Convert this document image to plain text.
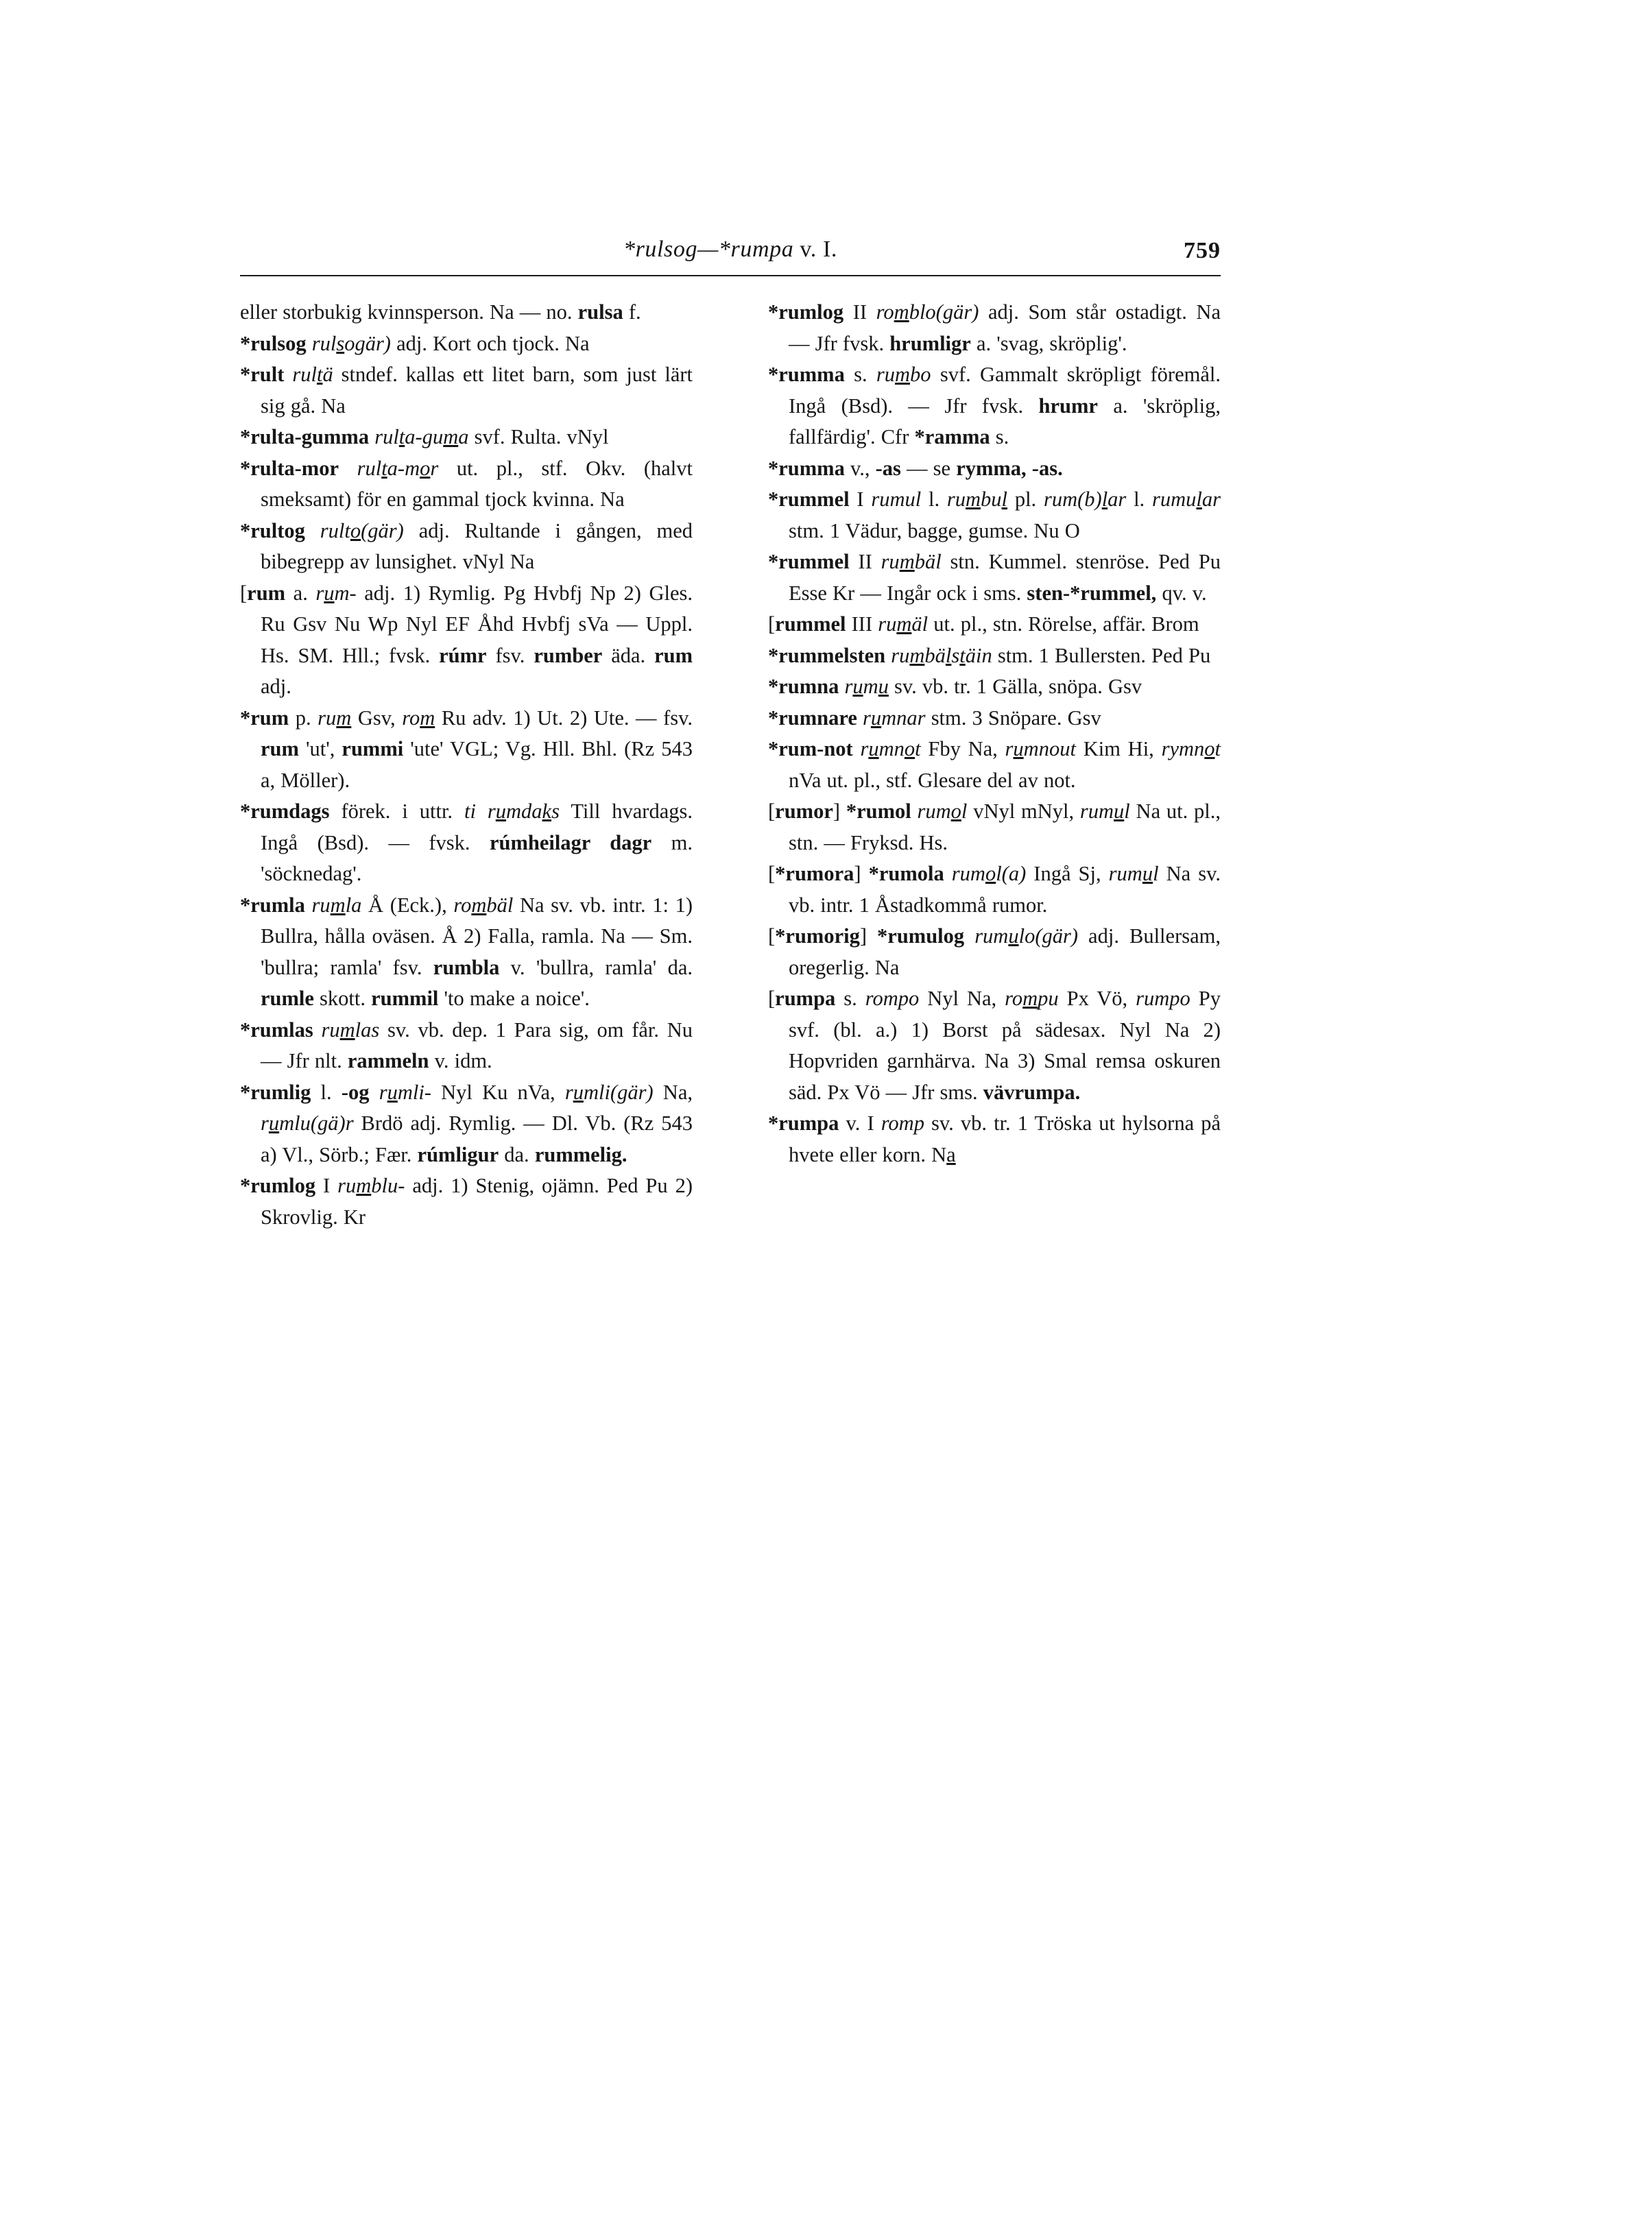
*rulsog—*rumpa v. I.	759

eller storbukig kvinnsperson. Na — no. rulsa f.

*rulsog rulsogär) adj. Kort och tjock. Na

*rult rultä stndef. kallas ett litet barn, som just lärt sig gå. Na

*rulta-gumma rulta-guma svf. Rulta. vNyl

*rulta-mor rulta-mor ut. pl., stf. Okv. (halvt smeksamt) för en gammal tjock kvinna. Na

*rultog rulto(gär) adj. Rultande i gången, med bibegrepp av lunsighet. vNyl Na

[rum a. rum- adj. 1) Rymlig. Pg Hvbfj Np 2) Gles. Ru Gsv Nu Wp Nyl EF Åhd Hvbfj sVa — Uppl. Hs. SM. Hll.; fvsk. rúmr fsv. rumber äda. rum adj.

*rum p. rum Gsv, rom Ru adv. 1) Ut. 2) Ute. — fsv. rum 'ut', rummi 'ute' VGL; Vg. Hll. Bhl. (Rz 543 a, Möller).

*rumdags förek. i uttr. ti rumdaks Till hvardags. Ingå (Bsd). — fvsk. rúmheilagr dagr m. 'söcknedag'.

*rumla rumla Å (Eck.), rombäl Na sv. vb. intr. 1: 1) Bullra, hålla oväsen. Å 2) Falla, ramla. Na — Sm. 'bullra; ramla' fsv. rumbla v. 'bullra, ramla' da. rumle skott. rummil 'to make a noice'.

*rumlas rumlas sv. vb. dep. 1 Para sig, om får. Nu — Jfr nlt. rammeln v. idm.

*rumlig l. -og rumli- Nyl Ku nVa, rumli(gär) Na, rumlu(gä)r Brdö adj. Rymlig. — Dl. Vb. (Rz 543 a) Vl., Sörb.; Fær. rúmligur da. rummelig.

*rumlog I rumblu- adj. 1) Stenig, ojämn. Ped Pu 2) Skrovlig. Kr

*rumlog II romblo(gär) adj. Som står ostadigt. Na — Jfr fvsk. hrumligr a. 'svag, skröplig'.

*rumma s. rumbo svf. Gammalt skröpligt föremål. Ingå (Bsd). — Jfr fvsk. hrumr a. 'skröplig, fallfärdig'. Cfr *ramma s.

*rumma v., -as — se rymma, -as.

*rummel I rumul l. rumbul pl. rum(b)lar l. rumular stm. 1 Vädur, bagge, gumse. Nu O

*rummel II rumbäl stn. Kummel. stenröse. Ped Pu Esse Kr — Ingår ock i sms. sten-*rummel, qv. v.

[rummel III rumäl ut. pl., stn. Rörelse, affär. Brom

*rummelsten rumbälstäin stm. 1 Bullersten. Ped Pu

*rumna rumu sv. vb. tr. 1 Gälla, snöpa. Gsv

*rumnare rumnar stm. 3 Snöpare. Gsv

*rum-not rumnot Fby Na, rumnout Kim Hi, rymnot nVa ut. pl., stf. Glesare del av not.

[rumor] *rumol rumol vNyl mNyl, rumul Na ut. pl., stn. — Fryksd. Hs.

[*rumora] *rumola rumol(a) Ingå Sj, rumul Na sv. vb. intr. 1 Åstadkommå rumor.

[*rumorig] *rumulog rumulo(gär) adj. Bullersam, oregerlig. Na

[rumpa s. rompo Nyl Na, rompu Px Vö, rumpo Py svf. (bl. a.) 1) Borst på sädesax. Nyl Na 2) Hopvriden garnhärva. Na 3) Smal remsa oskuren säd. Px Vö — Jfr sms. vävrumpa.

*rumpa v. I romp sv. vb. tr. 1 Tröska ut hylsorna på hvete eller korn. Na
